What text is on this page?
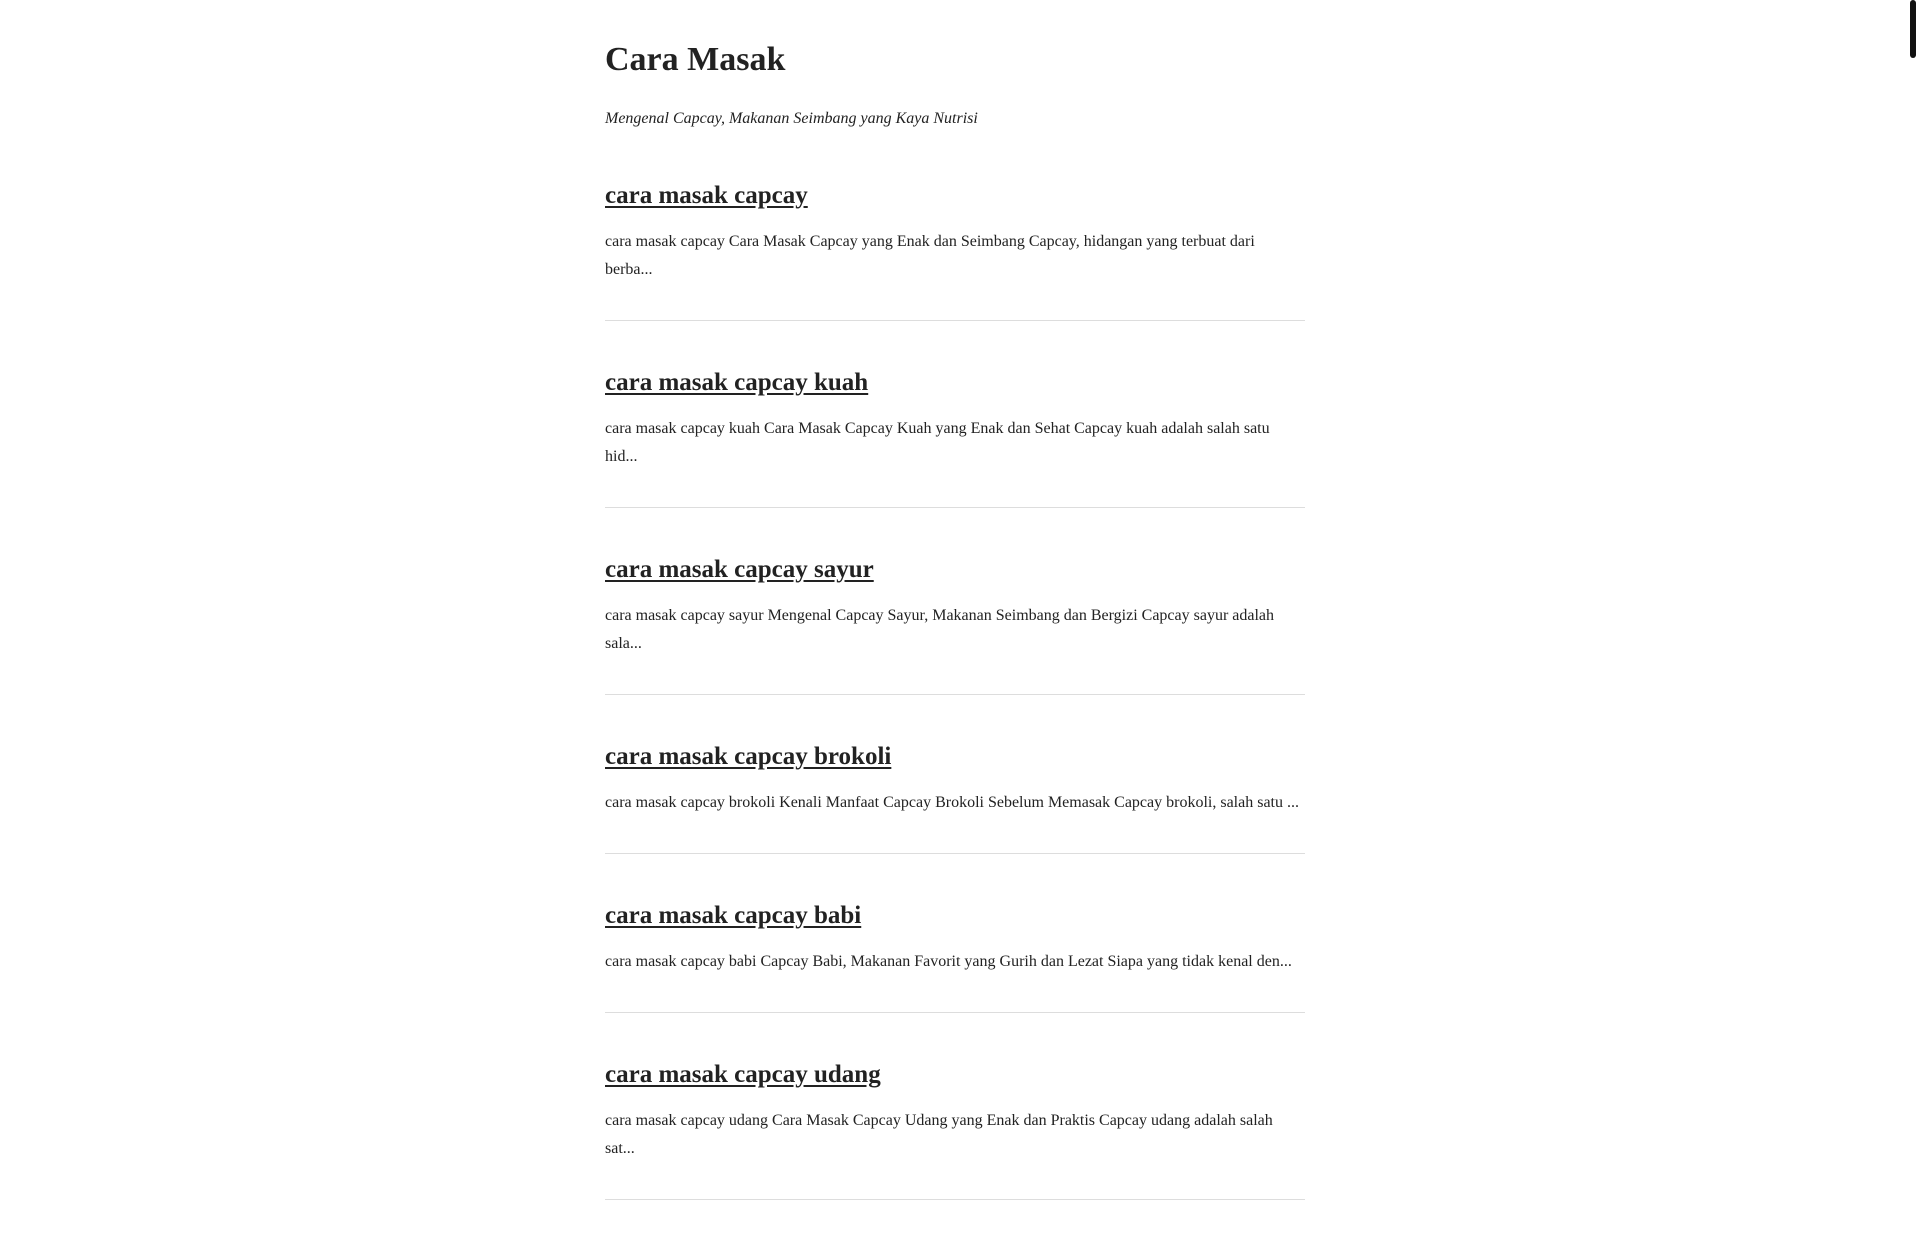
Cara Masak

Mengenal Capcay, Makanan Seimbang yang Kaya Nutrisi

cara masak capcay

cara masak capcay Cara Masak Capcay yang Enak dan Seimbang Capcay, hidangan yang terbuat dari berba...

cara masak capcay kuah

cara masak capcay kuah Cara Masak Capcay Kuah yang Enak dan Sehat Capcay kuah adalah salah satu hid...

cara masak capcay sayur

cara masak capcay sayur Mengenal Capcay Sayur, Makanan Seimbang dan Bergizi Capcay sayur adalah sala...

cara masak capcay brokoli

cara masak capcay brokoli Kenali Manfaat Capcay Brokoli Sebelum Memasak Capcay brokoli, salah satu ...

cara masak capcay babi

cara masak capcay babi Capcay Babi, Makanan Favorit yang Gurih dan Lezat Siapa yang tidak kenal den...

cara masak capcay udang

cara masak capcay udang Cara Masak Capcay Udang yang Enak dan Praktis Capcay udang adalah salah sat...
